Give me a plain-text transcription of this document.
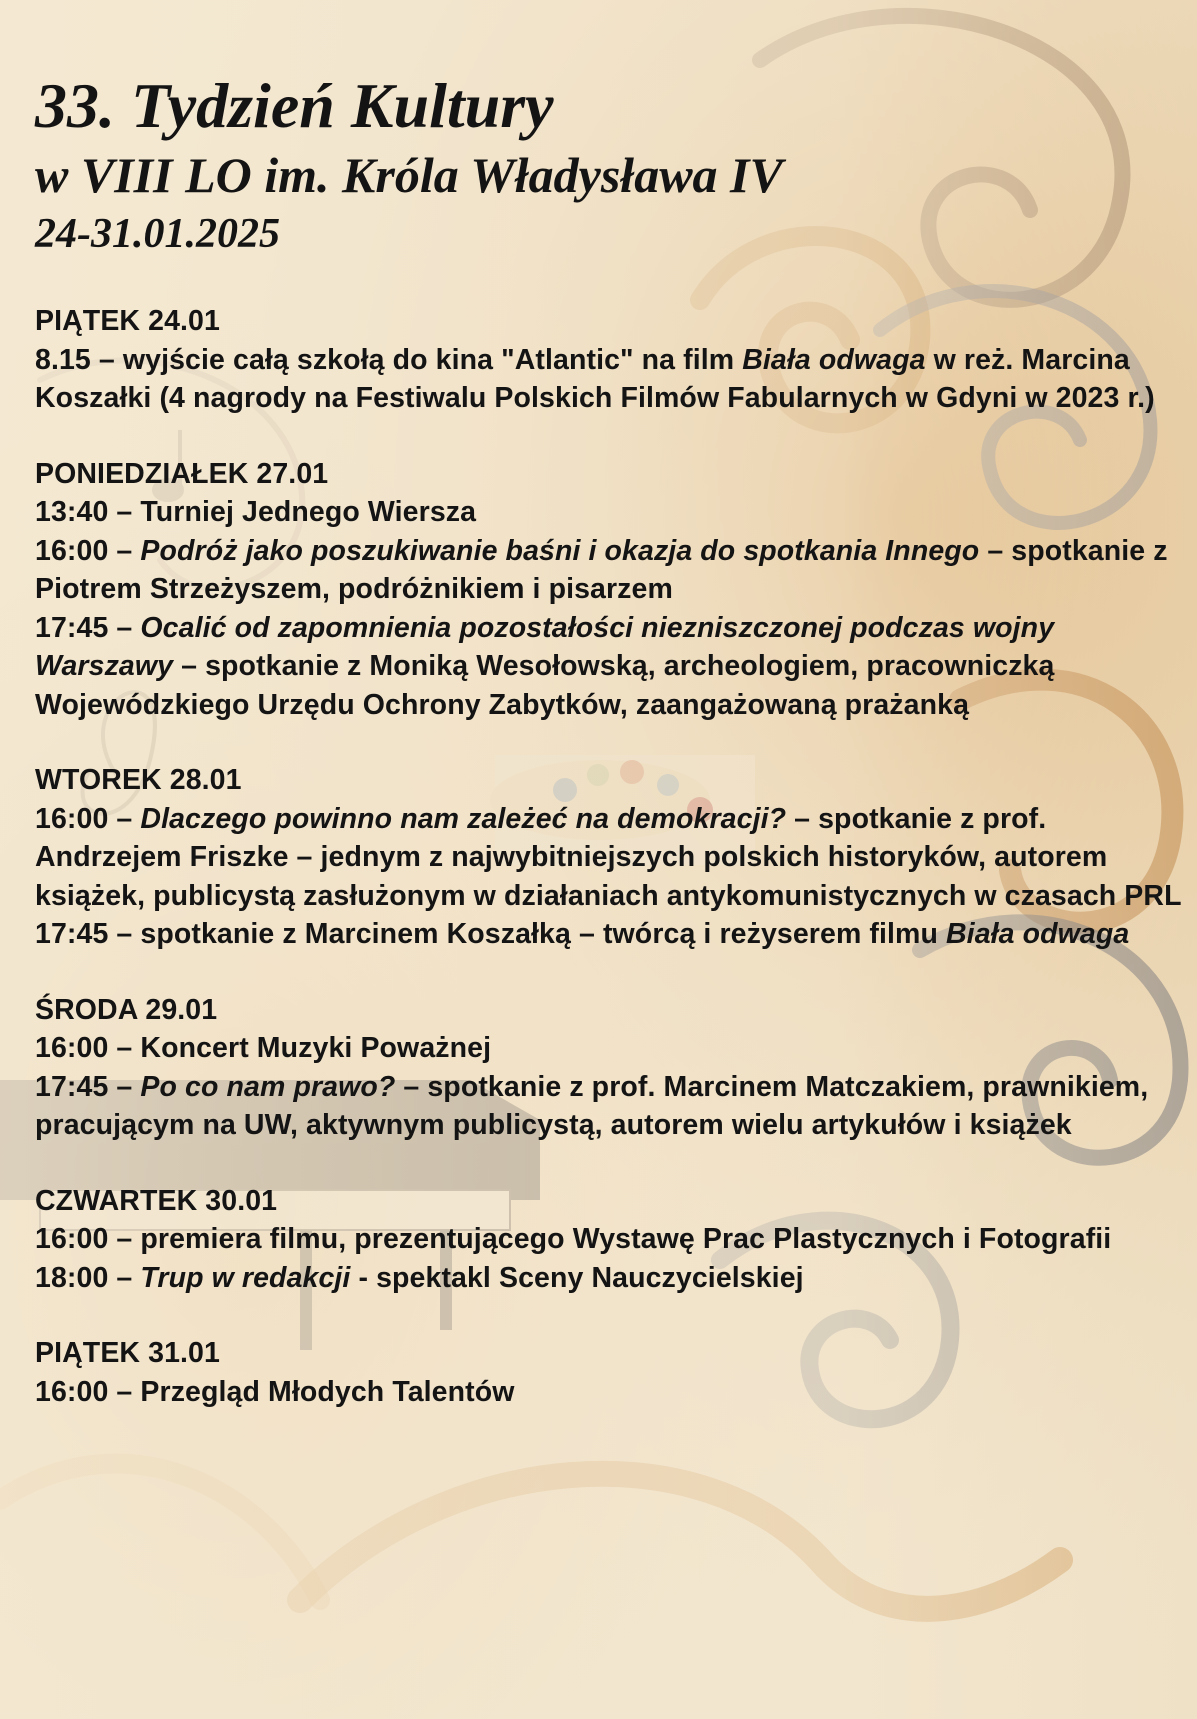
33. Tydzień Kultury
w VIII LO im. Króla Władysława IV
24-31.01.2025

PIĄTEK 24.01

8.15 – wyjście całą szkołą do kina "Atlantic" na film Biała odwaga w reż. Marcina Koszałki (4 nagrody na Festiwalu Polskich Filmów Fabularnych w Gdyni w 2023 r.)

PONIEDZIAŁEK 27.01

13:40 – Turniej Jednego Wiersza

16:00 – Podróż jako poszukiwanie baśni i okazja do spotkania Innego – spotkanie z Piotrem Strzeżyszem, podróżnikiem i pisarzem

17:45 – Ocalić od zapomnienia pozostałości niezniszczonej podczas wojny Warszawy – spotkanie z Moniką Wesołowską, archeologiem, pracowniczką Wojewódzkiego Urzędu Ochrony Zabytków, zaangażowaną prażanką

WTOREK 28.01

16:00 – Dlaczego powinno nam zależeć na demokracji? – spotkanie z prof. Andrzejem Friszke – jednym z najwybitniejszych polskich historyków, autorem książek, publicystą zasłużonym w działaniach antykomunistycznych w czasach PRL

17:45 – spotkanie z Marcinem Koszałką – twórcą i reżyserem filmu Biała odwaga

ŚRODA 29.01

16:00 – Koncert Muzyki Poważnej

17:45 – Po co nam prawo? – spotkanie z prof. Marcinem Matczakiem, prawnikiem, pracującym na UW, aktywnym publicystą, autorem wielu artykułów i książek

CZWARTEK 30.01

16:00 – premiera filmu, prezentującego Wystawę Prac Plastycznych i Fotografii

18:00 – Trup w redakcji - spektakl Sceny Nauczycielskiej

PIĄTEK 31.01

16:00 – Przegląd Młodych Talentów
